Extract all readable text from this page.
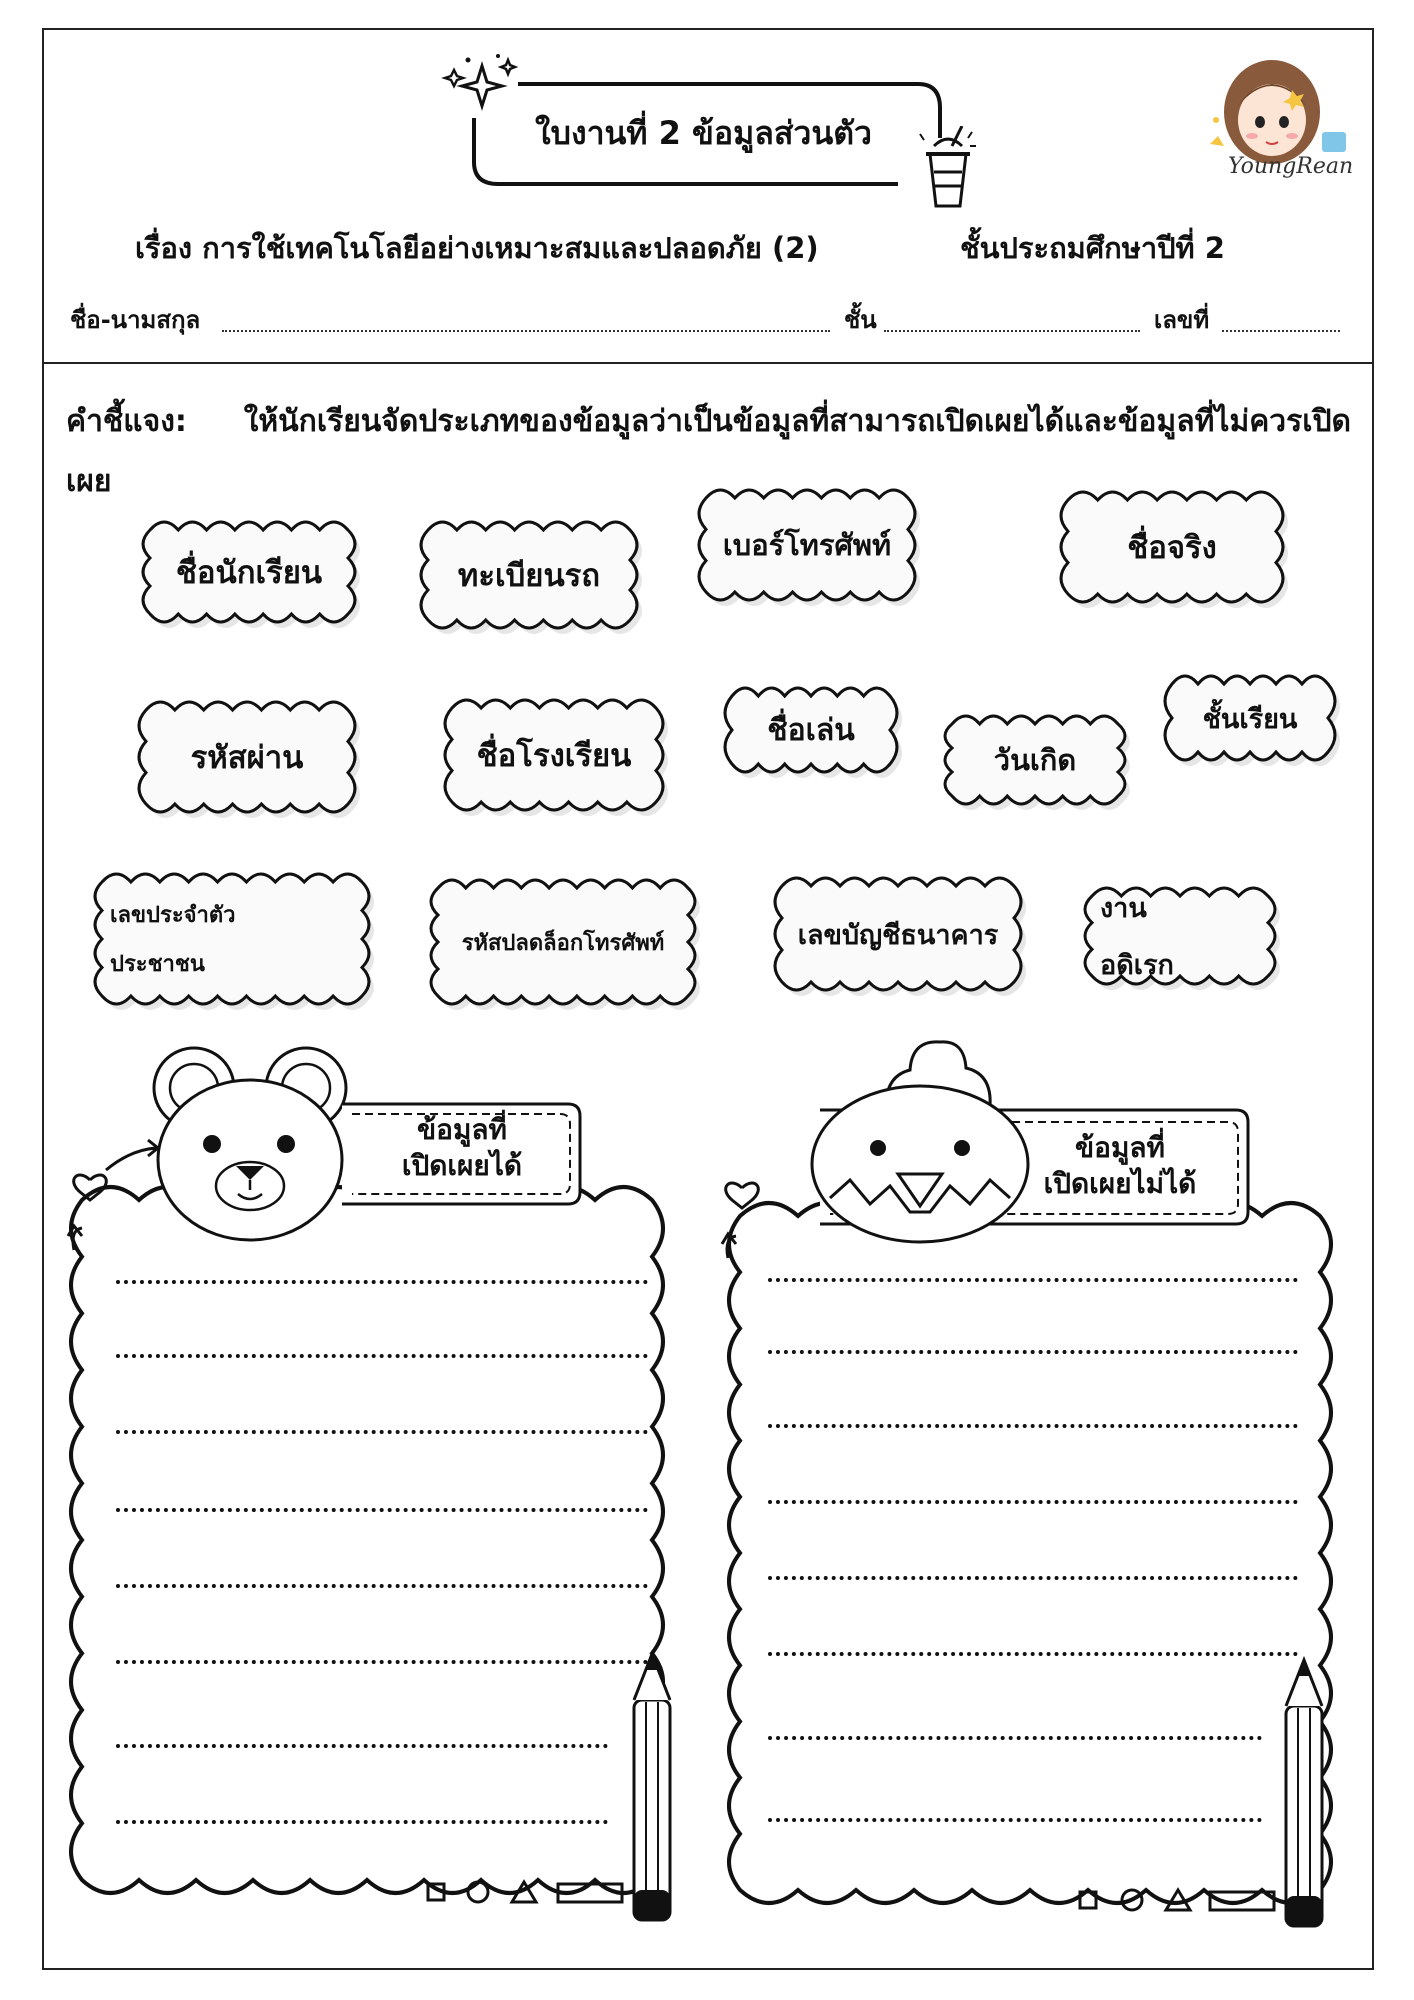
ใบงานที่ 2 ข้อมูลส่วนตัว
YoungRean
เรื่อง การใช้เทคโนโลยีอย่างเหมาะสมและปลอดภัย (2)	ชั้นประถมศึกษาปีที่ 2
ชื่อ-นามสกุล	ชั้น	เลขที่
คำชี้แจง: ให้นักเรียนจัดประเภทของข้อมูลว่าเป็นข้อมูลที่สามารถเปิดเผยได้และข้อมูลที่ไม่ควรเปิด
เผย
ชื่อนักเรียน	ทะเบียนรถ
เบอร์โทรศัพท์	ชื่อจริง
รหัสผ่าน	ชื่อโรงเรียน
ชื่อเล่น
วันเกิด
ชั้นเรียน
เลขประจำตัว
ประชาชน
รหัสปลดล็อกโทรศัพท์	เลขบัญชีธนาคาร
งาน
อดิเรก
ข้อมูลที่
เปิดเผยได้
ข้อมูลที่
เปิดเผยไม่ได้
